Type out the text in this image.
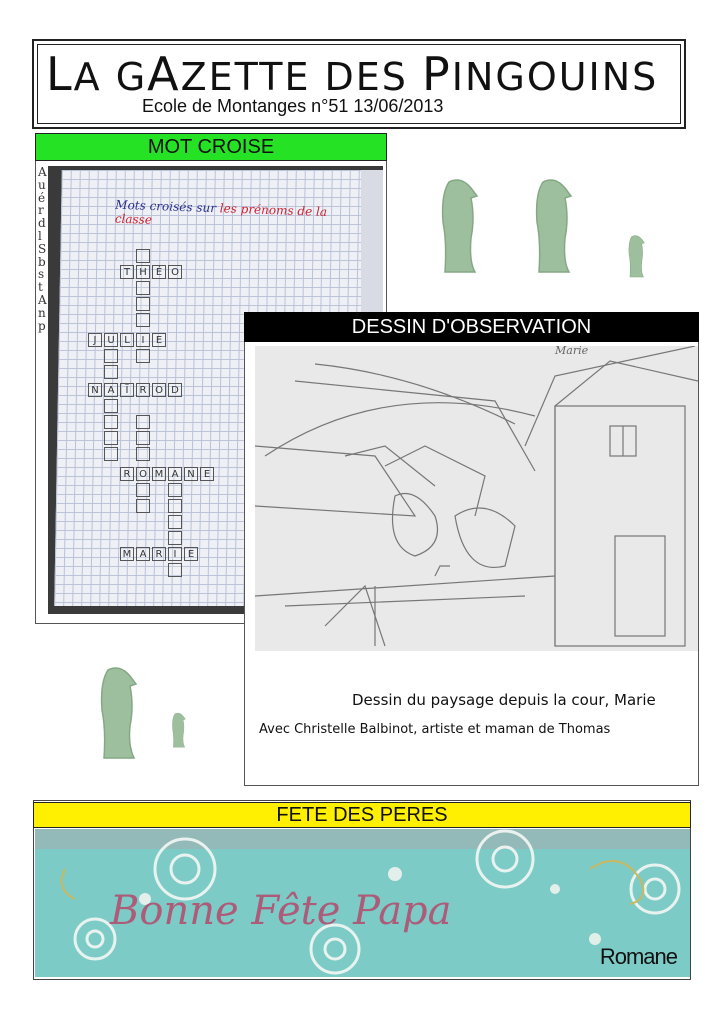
LA GAZETTE DES PINGOUINS
Ecole de Montanges n°51 13/06/2013
MOT CROISE
A
u
é
r
d
l
S
b
s
t
A
n
p
Mots croisés sur les prénoms de la classe
T H É O
J	U L	I	E
N A	Ï	R O D
R O M A N E
M A R	I	E
DESSIN D'OBSERVATION
Marie
Dessin du paysage depuis la cour, Marie
Avec Christelle Balbinot, artiste et maman de Thomas
FETE DES PERES
Bonne Fête Papa
Romane
